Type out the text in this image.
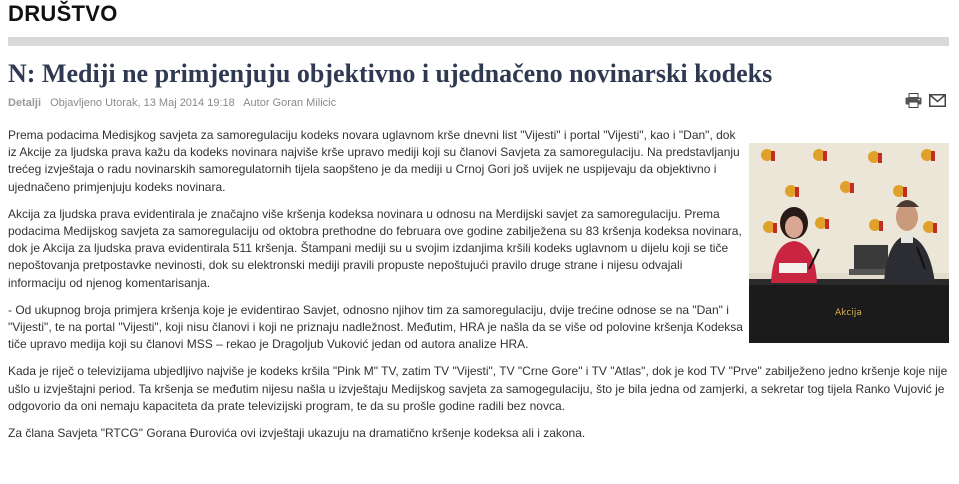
DRUŠTVO
N: Mediji ne primjenjuju objektivno i ujednačeno novinarski kodeks
Detalji Objavljeno Utorak, 13 Maj 2014 19:18 Autor Goran Milicic

Prema podacima Medisjkog savjeta za samoregulaciju kodeks novara uglavnom krše dnevni list "Vijesti" i portal "Vijesti", kao i "Dan", dok iz Akcije za ljudska prava kažu da kodeks novinara najviše krše upravo mediji koji su članovi Savjeta za samoregulaciju. Na predstavljanju trećeg izvještaja o radu novinarskih samoregulatornih tijela saopšteno je da mediji u Crnoj Gori još uvijek ne uspijevaju da objektivno i ujednačeno primjenjuju kodeks novinara.

Akcija za ljudska prava evidentirala je značajno više kršenja kodeksa novinara u odnosu na Merdijski savjet za samoregulaciju. Prema podacima Medijskog savjeta za samoregulaciju od oktobra prethodne do februara ove godine zabilježena su 83 kršenja kodeksa novinara, dok je Akcija za ljudska prava evidentirala 511 kršenja. Štampani mediji su u svojim izdanjima kršili kodeks uglavnom u dijelu koji se tiče nepoštovanja pretpostavke nevinosti, dok su elektronski mediji pravili propuste nepoštujući pravilo druge strane i nijesu odvajali informaciju od njenog komentarisanja.

- Od ukupnog broja primjera kršenja koje je evidentirao Savjet, odnosno njihov tim za samoregulaciju, dvije trećine odnose se na "Dan" i "Vijesti", te na portal "Vijesti", koji nisu članovi i koji ne priznaju nadležnost. Međutim, HRA je našla da se više od polovine kršenja Kodeksa tiče upravo medija koji su članovi MSS – rekao je Dragoljub Vuković jedan od autora analize HRA.

Kada je riječ o televizijama ubjedljivo najviše je kodeks kršila "Pink M" TV, zatim TV "Vijesti", TV "Crne Gore" i TV "Atlas", dok je kod TV "Prve" zabilježeno jedno kršenje koje nije ušlo u izvještajni period. Ta kršenja se međutim nijesu našla u izvještaju Medijskog savjeta za samogegulaciju, što je bila jedna od zamjerki, a sekretar tog tijela Ranko Vujović je odgovorio da oni nemaju kapaciteta da prate televizijski program, te da su prošle godine radili bez novca.

Za člana Savjeta "RTCG" Gorana Đurovića ovi izvještaji ukazuju na dramatično kršenje kodeksa ali i zakona.

Akcija
